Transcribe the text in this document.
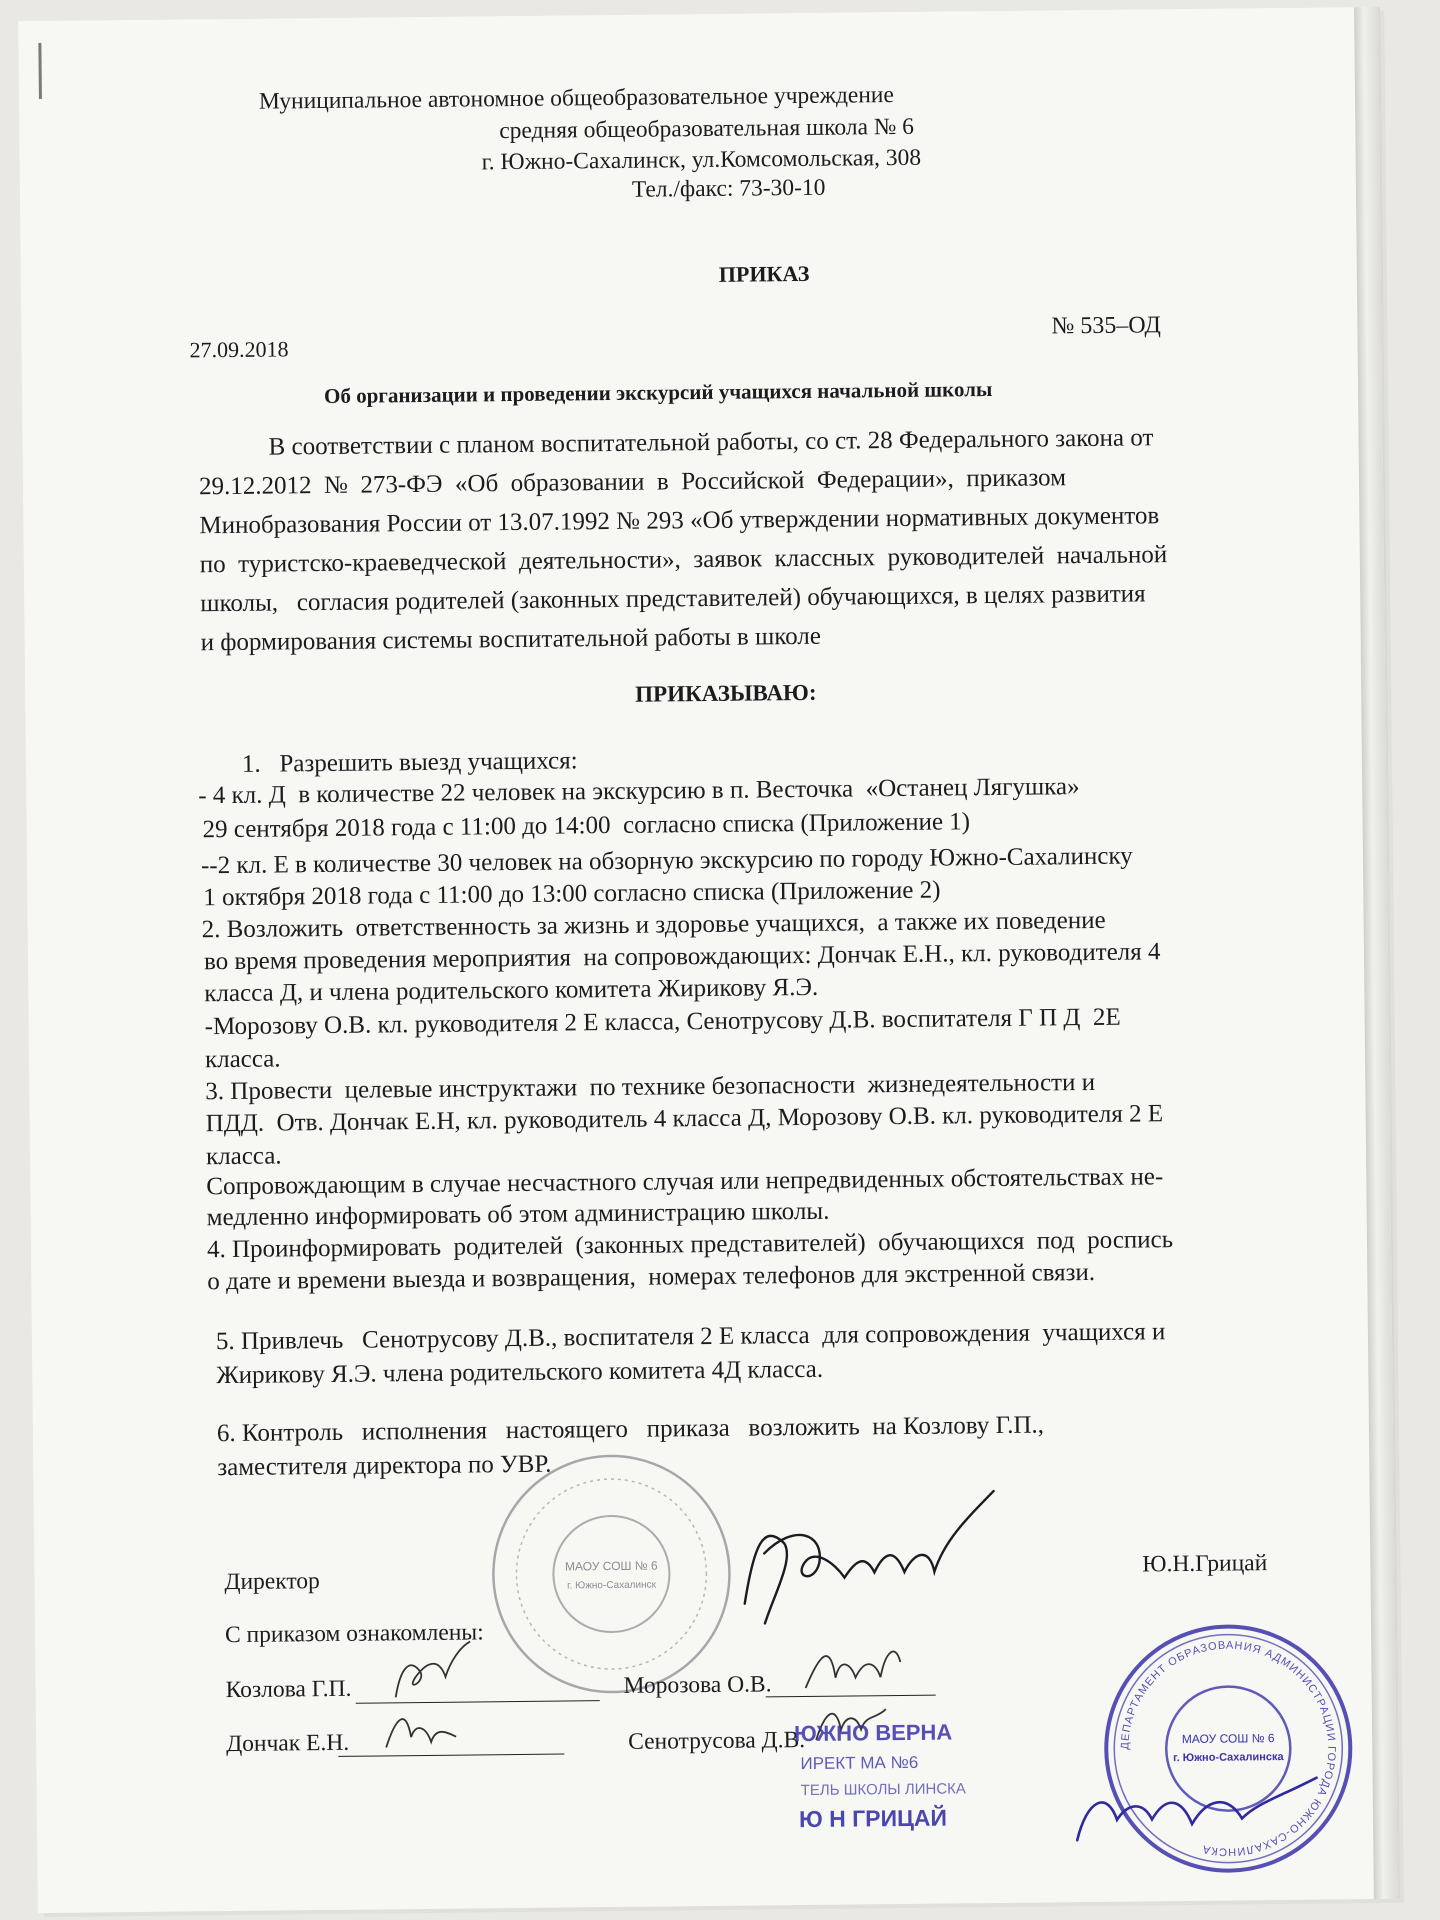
Муниципальное автономное общеобразовательное учреждение
средняя общеобразовательная школа № 6
г. Южно-Сахалинск, ул.Комсомольская, 308
Тел./факс: 73-30-10
ПРИКАЗ
27.09.2018
№ 535–ОД
Об организации и проведении экскурсий учащихся начальной школы
В соответствии с планом воспитательной работы, со ст. 28 Федерального закона от
29.12.2012  №  273-ФЭ  «Об  образовании  в  Российской  Федерации»,  приказом
Минобразования России от 13.07.1992 № 293 «Об утверждении нормативных документов
по  туристско-краеведческой  деятельности»,  заявок  классных  руководителей  начальной
школы,   согласия родителей (законных представителей) обучающихся, в целях развития
и формирования системы воспитательной работы в школе
ПРИКАЗЫВАЮ:
1.   Разрешить выезд учащихся:
- 4 кл. Д  в количестве 22 человек на экскурсию в п. Весточка  «Останец Лягушка»
29 сентября 2018 года с 11:00 до 14:00  согласно списка (Приложение 1)
--2 кл. Е в количестве 30 человек на обзорную экскурсию по городу Южно-Сахалинску
1 октября 2018 года с 11:00 до 13:00 согласно списка (Приложение 2)
2. Возложить  ответственность за жизнь и здоровье учащихся,  а также их поведение
во время проведения мероприятия  на сопровождающих: Дончак Е.Н., кл. руководителя 4
класса Д, и члена родительского комитета Жирикову Я.Э.
-Морозову О.В. кл. руководителя 2 Е класса, Сенотрусову Д.В. воспитателя Г П Д  2Е
класса.
3. Провести  целевые инструктажи  по технике безопасности  жизнедеятельности и
ПДД.  Отв. Дончак Е.Н, кл. руководитель 4 класса Д, Морозову О.В. кл. руководителя 2 Е
класса.
Сопровождающим в случае несчастного случая или непредвиденных обстоятельствах не-
медленно информировать об этом администрацию школы.
4. Проинформировать  родителей  (законных представителей)  обучающихся  под  роспись
о дате и времени выезда и возвращения,  номерах телефонов для экстренной связи.
5. Привлечь   Сенотрусову Д.В., воспитателя 2 Е класса  для сопровождения  учащихся и
Жирикову Я.Э. члена родительского комитета 4Д класса.
6. Контроль   исполнения   настоящего   приказа   возложить  на Козлову Г.П.,
заместителя директора по УВР.
МАОУ СОШ № 6
г. Южно-Сахалинск
Директор
Ю.Н.Грицай
С приказом ознакомлены:
Козлова Г.П.	Морозова О.В.
Дончак Е.Н.	Сенотрусова Д.В.
ЮЖНО ВЕРНА
ИРЕКТ МА №6
ТЕЛЬ ШКОЛЫ ЛИНСКА
Ю Н ГРИЦАЙ
ДЕПАРТАМЕНТ ОБРАЗОВАНИЯ АДМИНИСТРАЦИИ ГОРОДА ЮЖНО-САХАЛИНСКА
МАОУ СОШ № 6
г. Южно-Сахалинска
